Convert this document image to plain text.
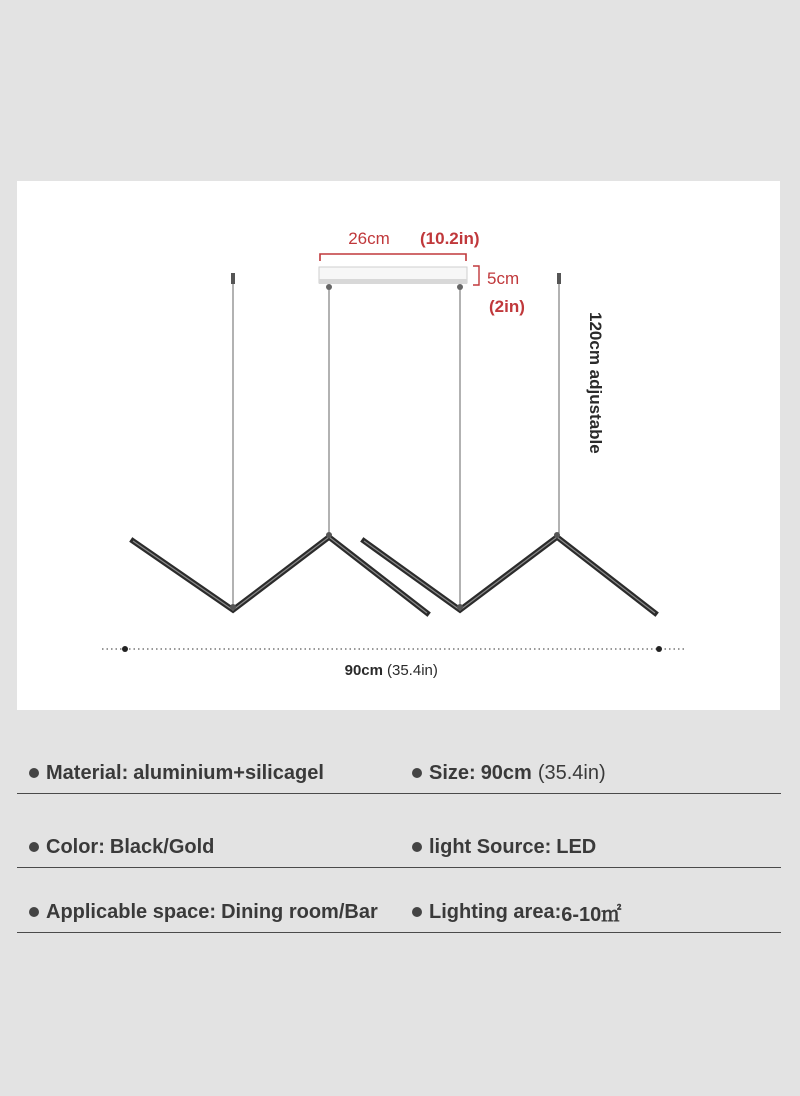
26cm (10.2in)
5cm
(2in)
120cm adjustable
90cm (35.4in)
Material: aluminium+silicagel	Size: 90cm (35.4in)
Color: Black/Gold	light Source: LED
Applicable space: Dining room/Bar	Lighting area: 6-10㎡
